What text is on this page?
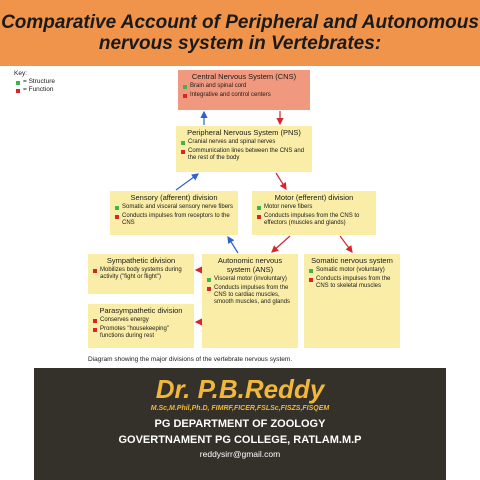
Comparative Account of Peripheral and Autonomous
nervous system in Vertebrates:
Key:
= Structure
= Function
Central Nervous System (CNS)
Brain and spinal cord
Integrative and control centers
Peripheral Nervous System (PNS)
Cranial nerves and spinal nerves
Communication lines between the CNS and the rest of the body
Sensory (afferent) division
Somatic and visceral sensory nerve fibers
Conducts impulses from receptors to the CNS
Motor (efferent) division
Motor nerve fibers
Conducts impulses from the CNS to effectors (muscles and glands)
Sympathetic division
Mobilizes body systems during activity ("fight or flight")
Autonomic nervous system (ANS)
Visceral motor (involuntary)
Conducts impulses from the CNS to cardiac muscles, smooth muscles, and glands
Somatic nervous system
Somatic motor (voluntary)
Conducts impulses from the CNS to skeletal muscles
Parasympathetic division
Conserves energy
Promotes "housekeeping" functions during rest
Diagram showing the major divisions of the vertebrate nervous system.
Dr. P.B.Reddy
M.Sc,M.Phil,Ph.D, FIMRF,FICER,FSLSc,FISZS,FISQEM
PG DEPARTMENT OF ZOOLOGY
GOVERTNAMENT PG COLLEGE, RATLAM.M.P
reddysirr@gmail.com
